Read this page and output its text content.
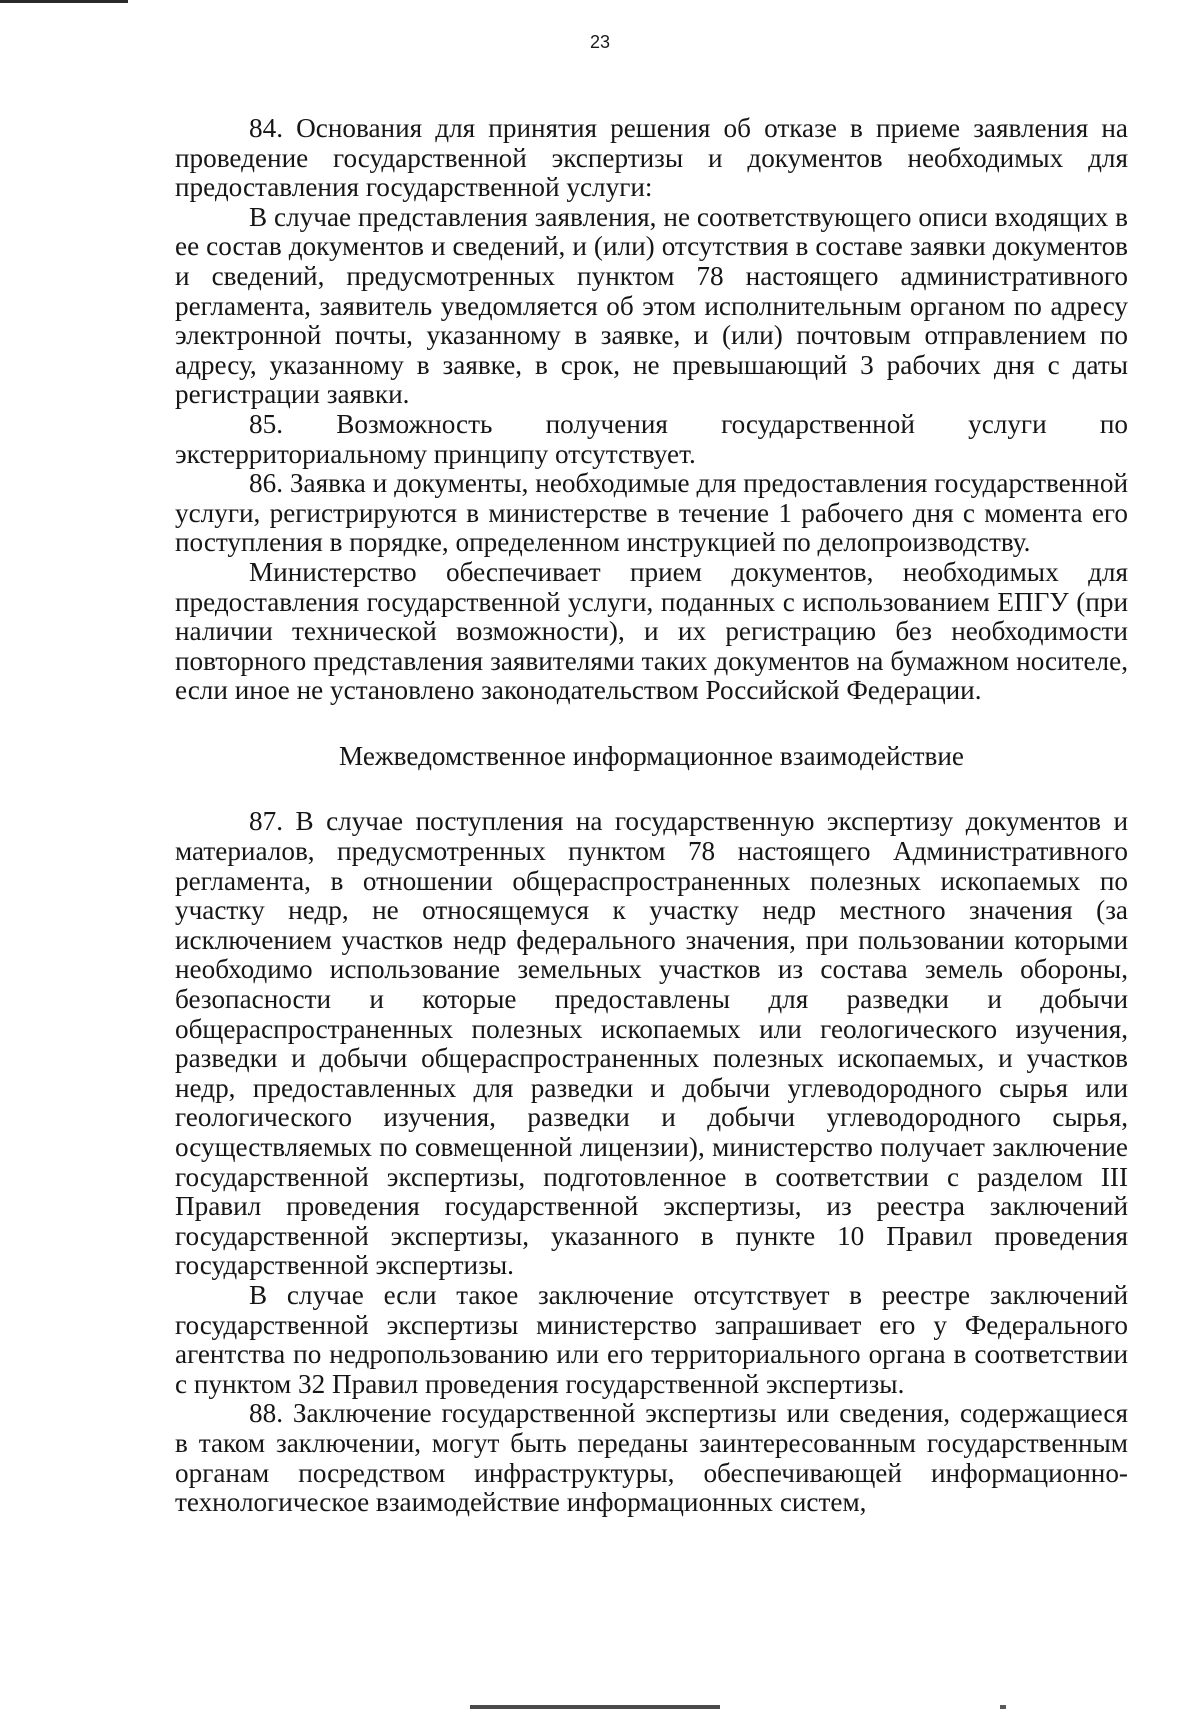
23

84. Основания для принятия решения об отказе в приеме заявления на проведение государственной экспертизы и документов необходимых для предоставления государственной услуги:

В случае представления заявления, не соответствующего описи входящих в ее состав документов и сведений, и (или) отсутствия в составе заявки документов и сведений, предусмотренных пунктом 78 настоящего административного регламента, заявитель уведомляется об этом исполнительным органом по адресу электронной почты, указанному в заявке, и (или) почтовым отправлением по адресу, указанному в заявке, в срок, не превышающий 3 рабочих дня с даты регистрации заявки.

85. Возможность получения государственной услуги по экстерриториальному принципу отсутствует.

86. Заявка и документы, необходимые для предоставления государственной услуги, регистрируются в министерстве в течение 1 рабочего дня с момента его поступления в порядке, определенном инструкцией по делопроизводству.

Министерство обеспечивает прием документов, необходимых для предоставления государственной услуги, поданных с использованием ЕПГУ (при наличии технической возможности), и их регистрацию без необходимости повторного представления заявителями таких документов на бумажном носителе, если иное не установлено законодательством Российской Федерации.

Межведомственное информационное взаимодействие

87. В случае поступления на государственную экспертизу документов и материалов, предусмотренных пунктом 78 настоящего Административного регламента, в отношении общераспространенных полезных ископаемых по участку недр, не относящемуся к участку недр местного значения (за исключением участков недр федерального значения, при пользовании которыми необходимо использование земельных участков из состава земель обороны, безопасности и которые предоставлены для разведки и добычи общераспространенных полезных ископаемых или геологического изучения, разведки и добычи общераспространенных полезных ископаемых, и участков недр, предоставленных для разведки и добычи углеводородного сырья или геологического изучения, разведки и добычи углеводородного сырья, осуществляемых по совмещенной лицензии), министерство получает заключение государственной экспертизы, подготовленное в соответствии с разделом III Правил проведения государственной экспертизы, из реестра заключений государственной экспертизы, указанного в пункте 10 Правил проведения государственной экспертизы.

В случае если такое заключение отсутствует в реестре заключений государственной экспертизы министерство запрашивает его у Федерального агентства по недропользованию или его территориального органа в соответствии с пунктом 32 Правил проведения государственной экспертизы.

88. Заключение государственной экспертизы или сведения, содержащиеся в таком заключении, могут быть переданы заинтересованным государственным органам посредством инфраструктуры, обеспечивающей информационно-технологическое взаимодействие информационных систем,
